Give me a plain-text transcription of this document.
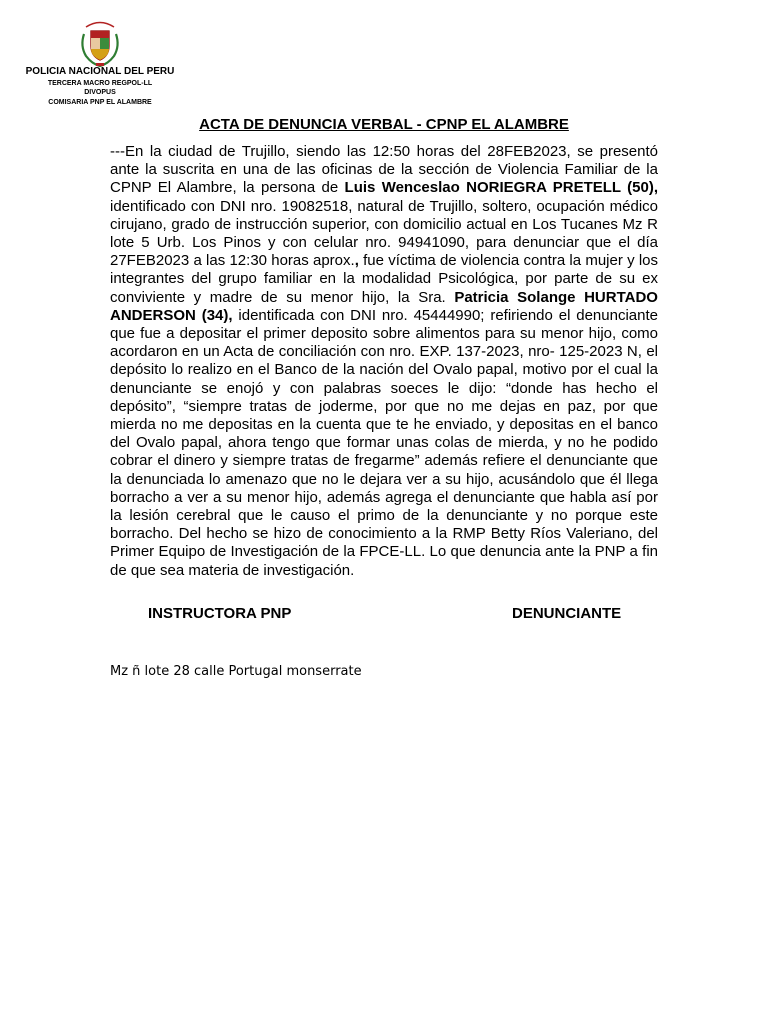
POLICIA NACIONAL DEL PERU
TERCERA MACRO REGPOL-LL
DIVOPUS
COMISARIA PNP EL ALAMBRE
ACTA DE DENUNCIA VERBAL - CPNP EL ALAMBRE
---En la ciudad de Trujillo, siendo las 12:50 horas del 28FEB2023, se presentó ante la suscrita en una de las oficinas de la sección de Violencia Familiar de la CPNP El Alambre, la persona de Luis Wenceslao NORIEGRA PRETELL (50), identificado con DNI nro. 19082518, natural de Trujillo, soltero, ocupación médico cirujano, grado de instrucción superior, con domicilio actual en Los Tucanes Mz R lote 5 Urb. Los Pinos y con celular nro. 94941090, para denunciar que el día 27FEB2023 a las 12:30 horas aprox., fue víctima de violencia contra la mujer y los integrantes del grupo familiar en la modalidad Psicológica, por parte de su ex conviviente y madre de su menor hijo, la Sra. Patricia Solange HURTADO ANDERSON (34), identificada con DNI nro. 45444990; refiriendo el denunciante que fue a depositar el primer deposito sobre alimentos para su menor hijo, como acordaron en un Acta de conciliación con nro. EXP. 137-2023, nro- 125-2023 N, el depósito lo realizo en el Banco de la nación del Ovalo papal, motivo por el cual la denunciante se enojó y con palabras soeces le dijo: “donde has hecho el depósito”, “siempre tratas de joderme, por que no me dejas en paz, por que mierda no me depositas en la cuenta que te he enviado, y depositas en el banco del Ovalo papal, ahora tengo que formar unas colas de mierda, y no he podido cobrar el dinero y siempre tratas de fregarme” además refiere el denunciante que la denunciada lo amenazo que no le dejara ver a su hijo, acusándolo que él llega borracho a ver a su menor hijo, además agrega el denunciante que habla así por la lesión cerebral que le causo el primo de la denunciante y no porque este borracho. Del hecho se hizo de conocimiento a la RMP Betty Ríos Valeriano, del Primer Equipo de Investigación de la FPCE-LL. Lo que denuncia ante la PNP a fin de que sea materia de investigación.
INSTRUCTORA PNP	DENUNCIANTE
Mz ñ lote 28 calle Portugal monserrate
